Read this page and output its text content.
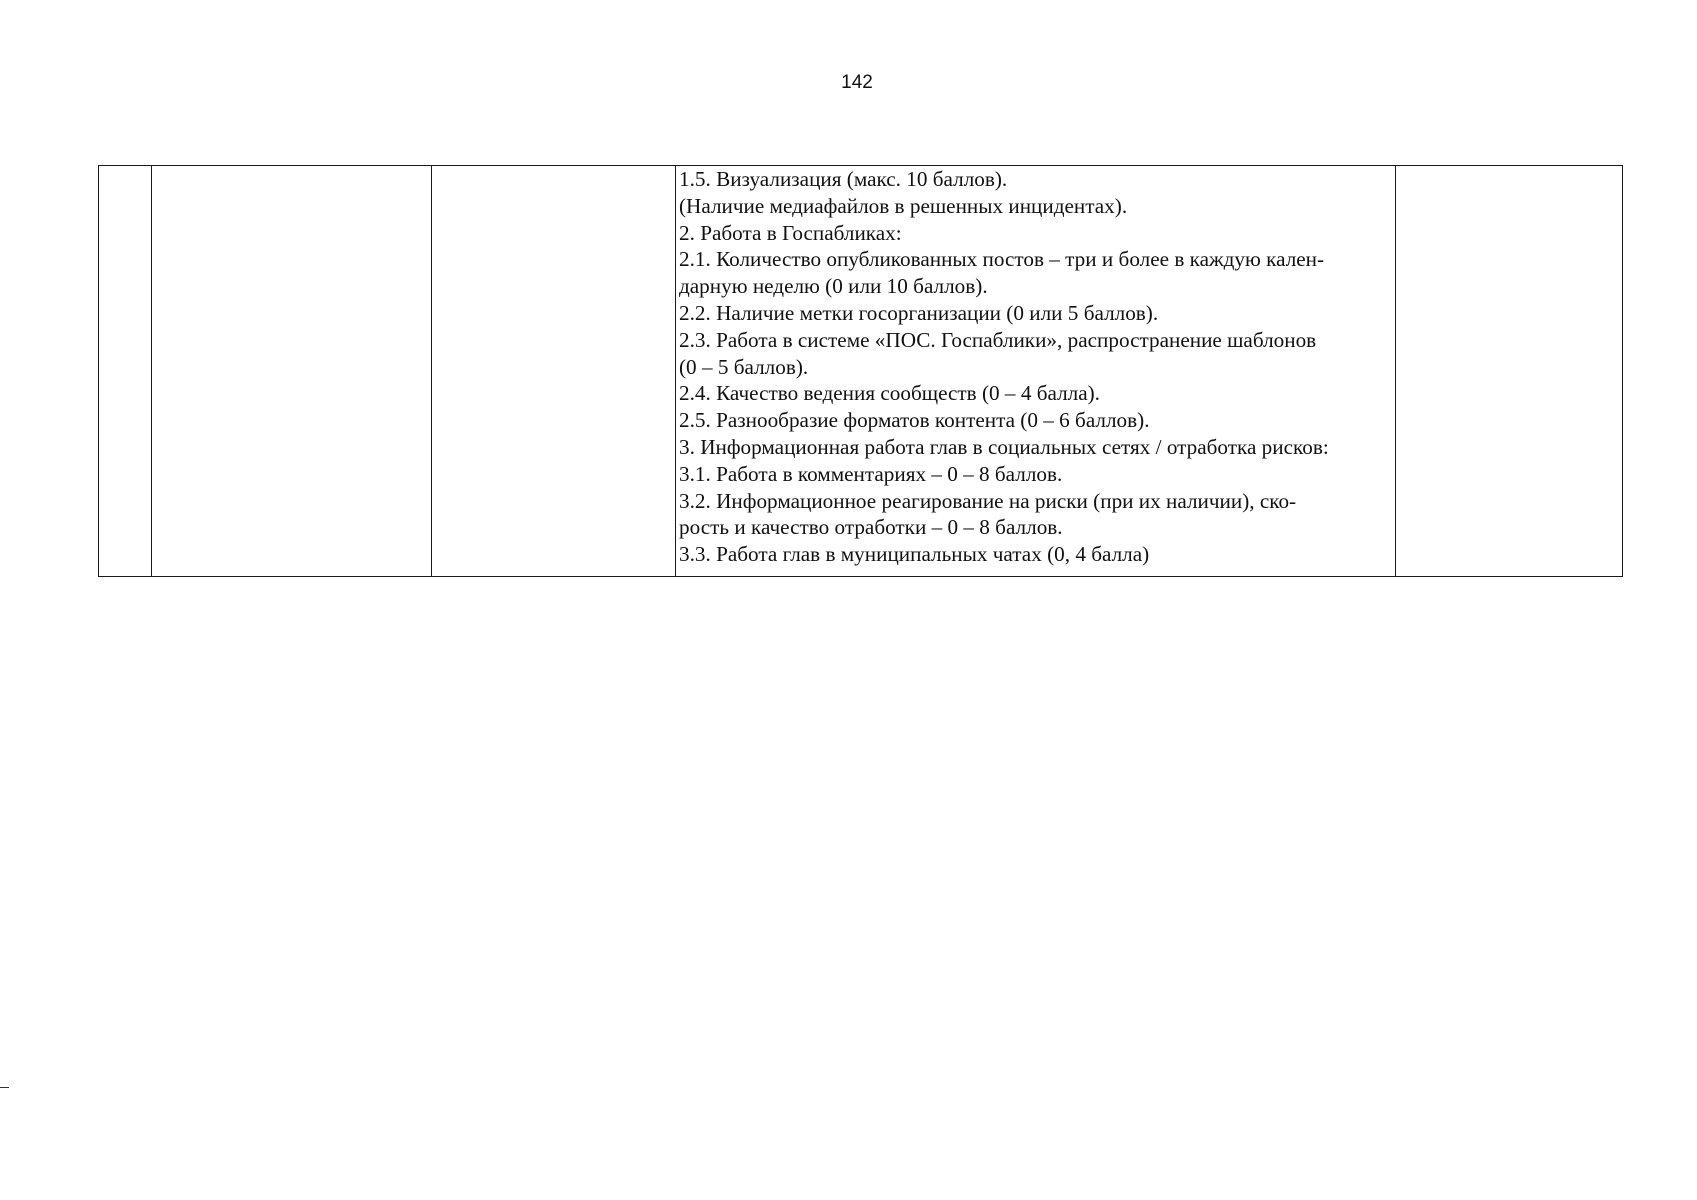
142

1.5. Визуализация (макс. 10 баллов).
(Наличие медиафайлов в решенных инцидентах).
2. Работа в Госпабликах:
2.1. Количество опубликованных постов – три и более в каждую кален-
дарную неделю (0 или 10 баллов).
2.2. Наличие метки госорганизации (0 или 5 баллов).
2.3. Работа в системе «ПОС. Госпаблики», распространение шаблонов
(0 – 5 баллов).
2.4. Качество ведения сообществ (0 – 4 балла).
2.5. Разнообразие форматов контента (0 – 6 баллов).
3. Информационная работа глав в социальных сетях / отработка рисков:
3.1. Работа в комментариях – 0 – 8 баллов.
3.2. Информационное реагирование на риски (при их наличии), ско-
рость и качество отработки – 0 – 8 баллов.
3.3. Работа глав в муниципальных чатах (0, 4 балла)
